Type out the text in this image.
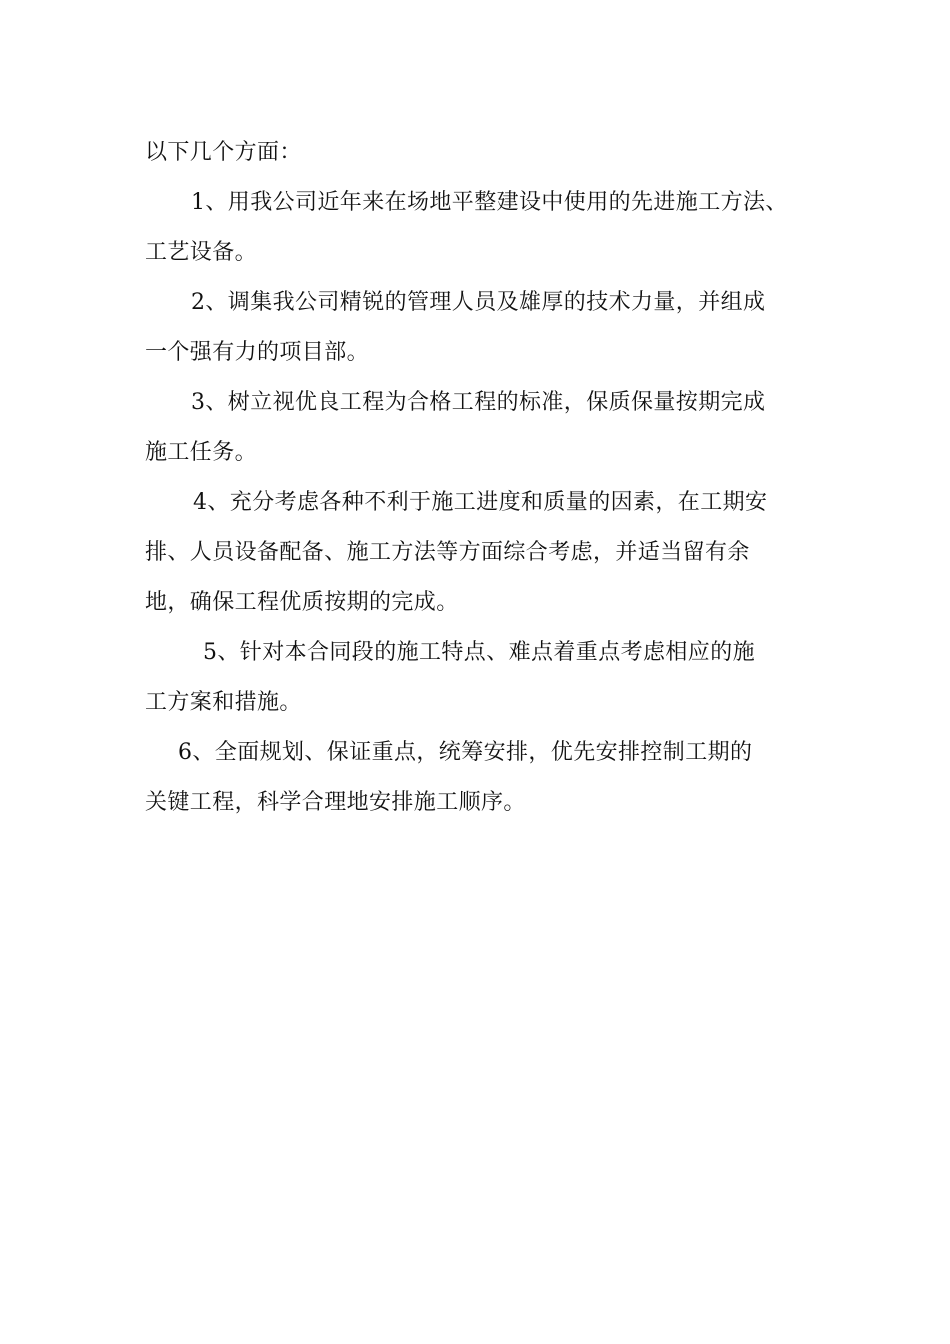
以下几个方面：
1、用我公司近年来在场地平整建设中使用的先进施工方法、
工艺设备。
2、调集我公司精锐的管理人员及雄厚的技术力量，并组成
一个强有力的项目部。
3、树立视优良工程为合格工程的标准，保质保量按期完成
施工任务。
4、充分考虑各种不利于施工进度和质量的因素，在工期安
排、人员设备配备、施工方法等方面综合考虑，并适当留有余
地，确保工程优质按期的完成。
5、针对本合同段的施工特点、难点着重点考虑相应的施
工方案和措施。
6、全面规划、保证重点，统筹安排，优先安排控制工期的
关键工程，科学合理地安排施工顺序。
